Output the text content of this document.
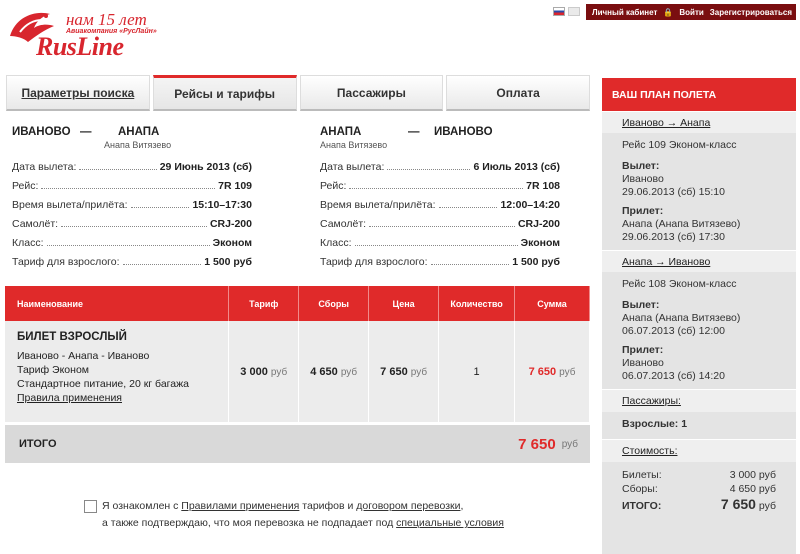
нам 15 лет
Авиакомпания «РусЛайн»
RusLine
Личный кабинет 🔒 Войти Зарегистрироваться
Параметры поиска	Рейсы и тарифы	Пассажиры	Оплата
ИВАНОВО —	АНАПА
Анапа Витязево
Дата вылета:	29 Июнь 2013 (сб)
Рейс:	7R 109
Время вылета/прилёта:	15:10–17:30
Самолёт:	CRJ-200
Класс:	Эконом
Тариф для взрослого:	1 500 руб
АНАПА	—	ИВАНОВО
Анапа Витязево
Дата вылета:	6 Июль 2013 (сб)
Рейс:	7R 108
Время вылета/прилёта:	12:00–14:20
Самолёт:	CRJ-200
Класс:	Эконом
Тариф для взрослого:	1 500 руб
Наименование	Тариф	Сборы	Цена	Количество	Сумма

БИЛЕТ ВЗРОСЛЫЙ
Иваново - Анапа - Иваново
Тариф Эконом
Стандартное питание, 20 кг багажа
Правила применения	3 000 руб	4 650 руб	7 650 руб	1	7 650 руб
ИТОГО	7 650 руб
Я ознакомлен с Правилами применения тарифов и договором перевозки,
а также подтверждаю, что моя перевозка не подпадает под специальные условия
ВАШ ПЛАН ПОЛЕТА
Иваново → Анапа
Рейс 109 Эконом-класс
Вылет:
Иваново
29.06.2013 (сб) 15:10
Прилет:
Анапа (Анапа Витязево)
29.06.2013 (сб) 17:30
Анапа → Иваново
Рейс 108 Эконом-класс
Вылет:
Анапа (Анапа Витязево)
06.07.2013 (сб) 12:00
Прилет:
Иваново
06.07.2013 (сб) 14:20
Пассажиры:
Взрослые: 1
Стоимость:
Билеты:	3 000 руб
Сборы:	4 650 руб
ИТОГО:	7 650 руб
